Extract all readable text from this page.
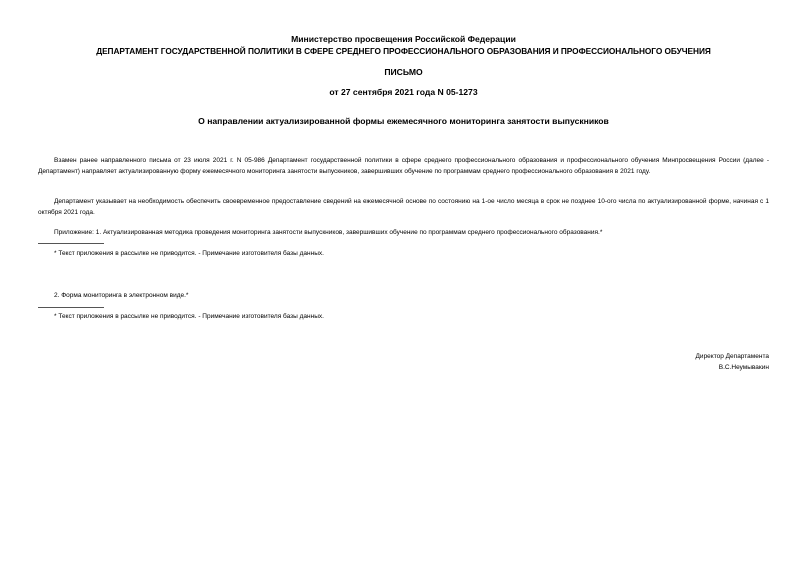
Министерство просвещения Российской Федерации
ДЕПАРТАМЕНТ ГОСУДАРСТВЕННОЙ ПОЛИТИКИ В СФЕРЕ СРЕДНЕГО ПРОФЕССИОНАЛЬНОГО ОБРАЗОВАНИЯ И ПРОФЕССИОНАЛЬНОГО ОБУЧЕНИЯ
ПИСЬМО
от 27 сентября 2021 года N 05-1273
О направлении актуализированной формы ежемесячного мониторинга занятости выпускников

Взамен ранее направленного письма от 23 июля 2021 г. N 05-986 Департамент государственной политики в сфере среднего профессионального образования и профессионального обучения Минпросвещения России (далее - Департамент) направляет актуализированную форму ежемесячного мониторинга занятости выпускников, завершивших обучение по программам среднего профессионального образования в 2021 году.

Департамент указывает на необходимость обеспечить своевременное предоставление сведений на ежемесячной основе по состоянию на 1-ое число месяца в срок не позднее 10-ого числа по актуализированной форме, начиная с 1 октября 2021 года.

Приложение: 1. Актуализированная методика проведения мониторинга занятости выпускников, завершивших обучение по программам среднего профессионального образования.*
* Текст приложения в рассылке не приводится. - Примечание изготовителя базы данных.
2. Форма мониторинга в электронном виде.*
* Текст приложения в рассылке не приводится. - Примечание изготовителя базы данных.
Директор Департамента
В.С.Неумывакин
